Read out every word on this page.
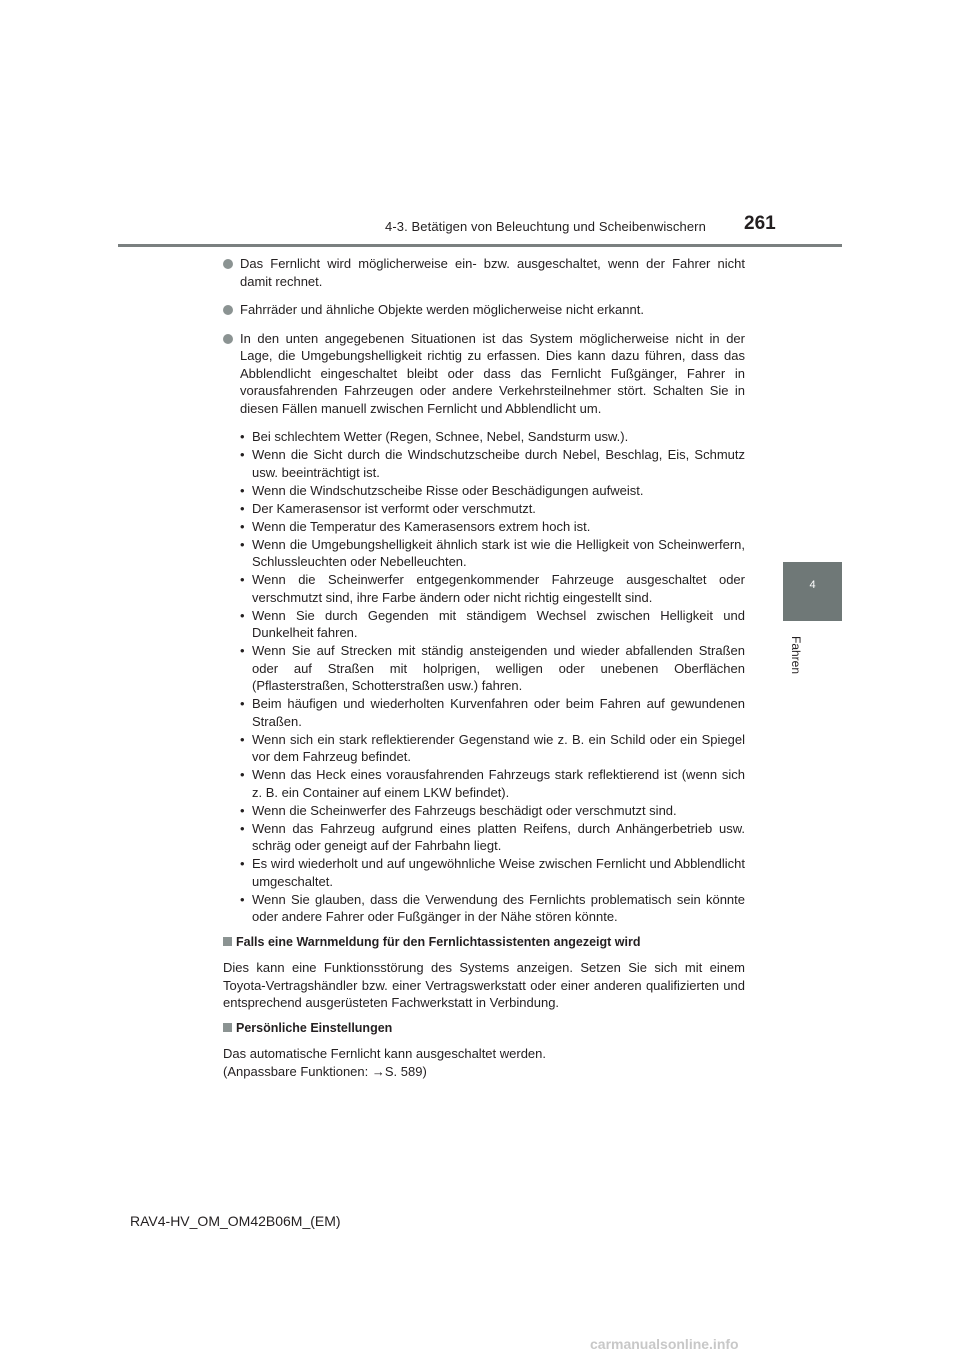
4-3. Betätigen von Beleuchtung und Scheibenwischern 261
4
Fahren
Das Fernlicht wird möglicherweise ein- bzw. ausgeschaltet, wenn der Fahrer nicht damit rechnet.
Fahrräder und ähnliche Objekte werden möglicherweise nicht erkannt.
In den unten angegebenen Situationen ist das System möglicherweise nicht in der Lage, die Umgebungshelligkeit richtig zu erfassen. Dies kann dazu führen, dass das Abblendlicht eingeschaltet bleibt oder dass das Fernlicht Fußgänger, Fahrer in vorausfahrenden Fahrzeugen oder andere Verkehrsteilnehmer stört. Schalten Sie in diesen Fällen manuell zwischen Fernlicht und Abblendlicht um.
• Bei schlechtem Wetter (Regen, Schnee, Nebel, Sandsturm usw.).
• Wenn die Sicht durch die Windschutzscheibe durch Nebel, Beschlag, Eis, Schmutz usw. beeinträchtigt ist.
• Wenn die Windschutzscheibe Risse oder Beschädigungen aufweist.
• Der Kamerasensor ist verformt oder verschmutzt.
• Wenn die Temperatur des Kamerasensors extrem hoch ist.
• Wenn die Umgebungshelligkeit ähnlich stark ist wie die Helligkeit von Scheinwerfern, Schlussleuchten oder Nebelleuchten.
• Wenn die Scheinwerfer entgegenkommender Fahrzeuge ausgeschaltet oder verschmutzt sind, ihre Farbe ändern oder nicht richtig eingestellt sind.
• Wenn Sie durch Gegenden mit ständigem Wechsel zwischen Helligkeit und Dunkelheit fahren.
• Wenn Sie auf Strecken mit ständig ansteigenden und wieder abfallenden Straßen oder auf Straßen mit holprigen, welligen oder unebenen Oberflächen (Pflasterstraßen, Schotterstraßen usw.) fahren.
• Beim häufigen und wiederholten Kurvenfahren oder beim Fahren auf gewundenen Straßen.
• Wenn sich ein stark reflektierender Gegenstand wie z. B. ein Schild oder ein Spiegel vor dem Fahrzeug befindet.
• Wenn das Heck eines vorausfahrenden Fahrzeugs stark reflektierend ist (wenn sich z. B. ein Container auf einem LKW befindet).
• Wenn die Scheinwerfer des Fahrzeugs beschädigt oder verschmutzt sind.
• Wenn das Fahrzeug aufgrund eines platten Reifens, durch Anhängerbetrieb usw. schräg oder geneigt auf der Fahrbahn liegt.
• Es wird wiederholt und auf ungewöhnliche Weise zwischen Fernlicht und Abblendlicht umgeschaltet.
• Wenn Sie glauben, dass die Verwendung des Fernlichts problematisch sein könnte oder andere Fahrer oder Fußgänger in der Nähe stören könnte.
Falls eine Warnmeldung für den Fernlichtassistenten angezeigt wird

Dies kann eine Funktionsstörung des Systems anzeigen. Setzen Sie sich mit einem Toyota-Vertragshändler bzw. einer Vertragswerkstatt oder einer anderen qualifizierten und entsprechend ausgerüsteten Fachwerkstatt in Verbindung.

Persönliche Einstellungen

Das automatische Fernlicht kann ausgeschaltet werden.

(Anpassbare Funktionen: →S. 589)

RAV4-HV_OM_OM42B06M_(EM)
carmanualsonline.info
